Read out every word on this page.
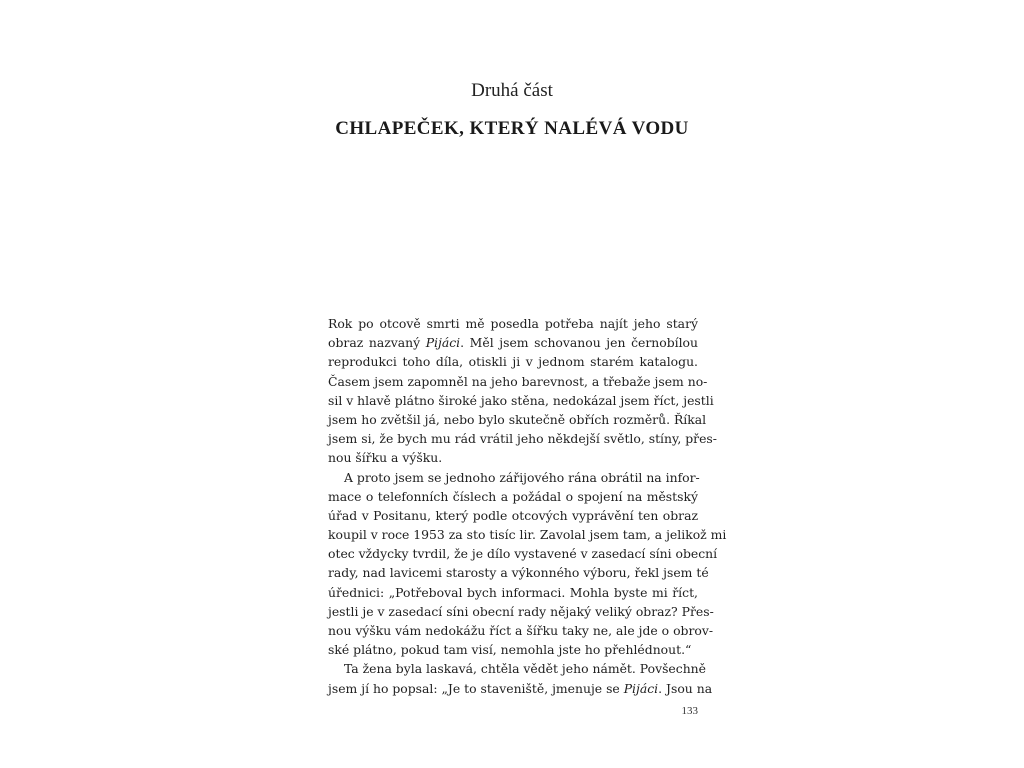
Druhá část
CHLAPEČEK, KTERÝ NALÉVÁ VODU
Rok po otcově smrti mě posedla potřeba najít jeho starý
obraz nazvaný Pijáci. Měl jsem schovanou jen černobílou
reprodukci toho díla, otiskli ji v jednom starém katalogu.
Časem jsem zapomněl na jeho barevnost, a třebaže jsem no-
sil v hlavě plátno široké jako stěna, nedokázal jsem říct, jestli
jsem ho zvětšil já, nebo bylo skutečně obřích rozměrů. Říkal
jsem si, že bych mu rád vrátil jeho někdejší světlo, stíny, přes-
nou šířku a výšku.
A proto jsem se jednoho zářijového rána obrátil na infor-
mace o telefonních číslech a požádal o spojení na městský
úřad v Positanu, který podle otcových vyprávění ten obraz
koupil v roce 1953 za sto tisíc lir. Zavolal jsem tam, a jelikož mi
otec vždycky tvrdil, že je dílo vystavené v zasedací síni obecní
rady, nad lavicemi starosty a výkonného výboru, řekl jsem té
úřednici: „Potřeboval bych informaci. Mohla byste mi říct,
jestli je v zasedací síni obecní rady nějaký veliký obraz? Přes-
nou výšku vám nedokážu říct a šířku taky ne, ale jde o obrov-
ské plátno, pokud tam visí, nemohla jste ho přehlédnout.“
Ta žena byla laskavá, chtěla vědět jeho námět. Povšechně
jsem jí ho popsal: „Je to staveniště, jmenuje se Pijáci. Jsou na
133
